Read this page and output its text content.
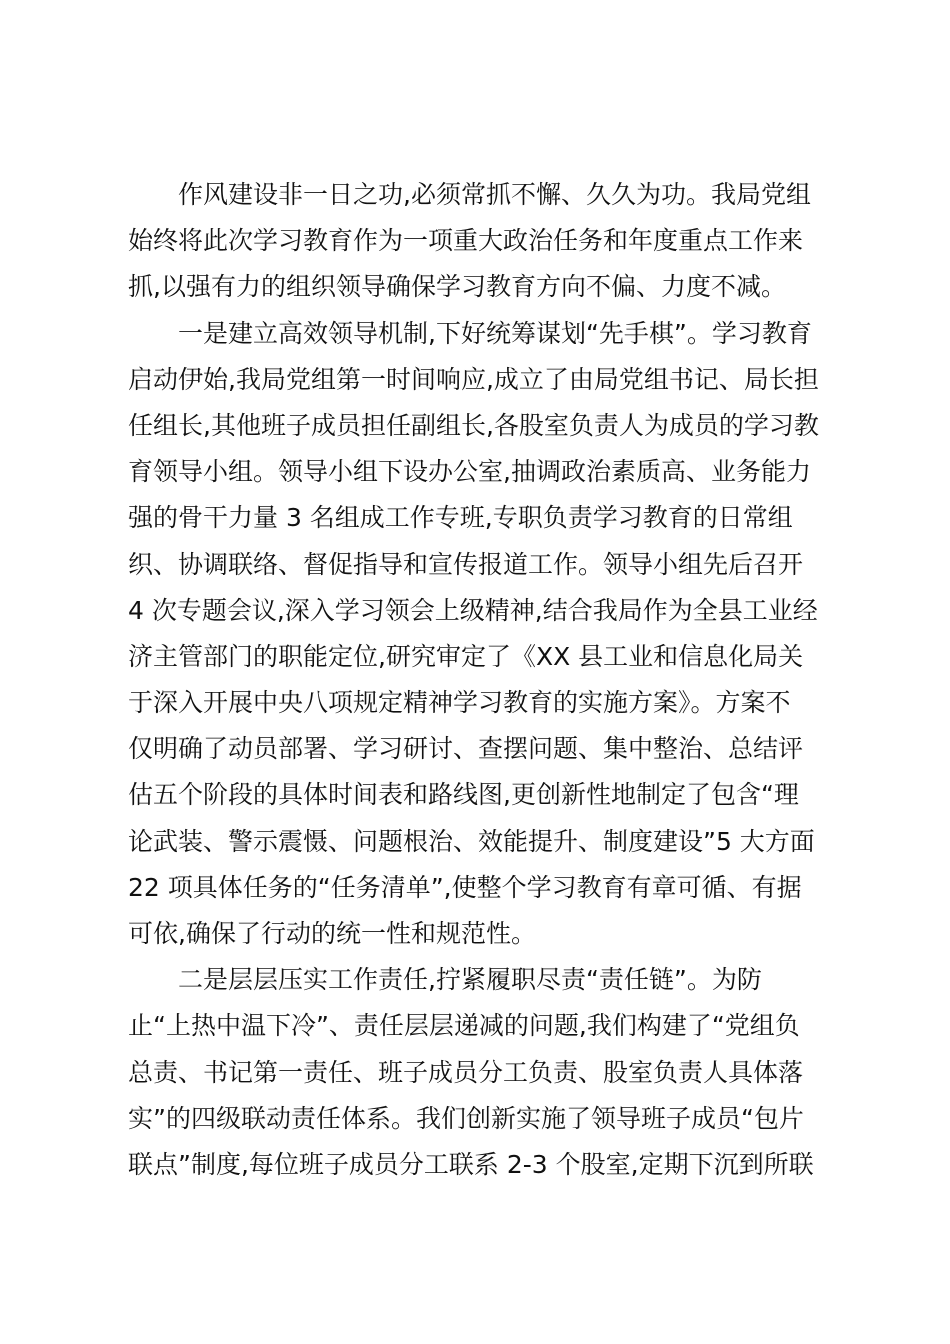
作风建设非一日之功,必须常抓不懈、久久为功。我局党组
始终将此次学习教育作为一项重大政治任务和年度重点工作来
抓,以强有力的组织领导确保学习教育方向不偏、力度不减。
一是建立高效领导机制,下好统筹谋划“先手棋”。学习教育
启动伊始,我局党组第一时间响应,成立了由局党组书记、局长担
任组长,其他班子成员担任副组长,各股室负责人为成员的学习教
育领导小组。领导小组下设办公室,抽调政治素质高、业务能力
强的骨干力量 3 名组成工作专班,专职负责学习教育的日常组
织、协调联络、督促指导和宣传报道工作。领导小组先后召开
4 次专题会议,深入学习领会上级精神,结合我局作为全县工业经
济主管部门的职能定位,研究审定了《XX 县工业和信息化局关
于深入开展中央八项规定精神学习教育的实施方案》。方案不
仅明确了动员部署、学习研讨、查摆问题、集中整治、总结评
估五个阶段的具体时间表和路线图,更创新性地制定了包含“理
论武装、警示震慑、问题根治、效能提升、制度建设”5 大方面
22 项具体任务的“任务清单”,使整个学习教育有章可循、有据
可依,确保了行动的统一性和规范性。
二是层层压实工作责任,拧紧履职尽责“责任链”。为防
止“上热中温下冷”、责任层层递减的问题,我们构建了“党组负
总责、书记第一责任、班子成员分工负责、股室负责人具体落
实”的四级联动责任体系。我们创新实施了领导班子成员“包片
联点”制度,每位班子成员分工联系 2-3 个股室,定期下沉到所联
